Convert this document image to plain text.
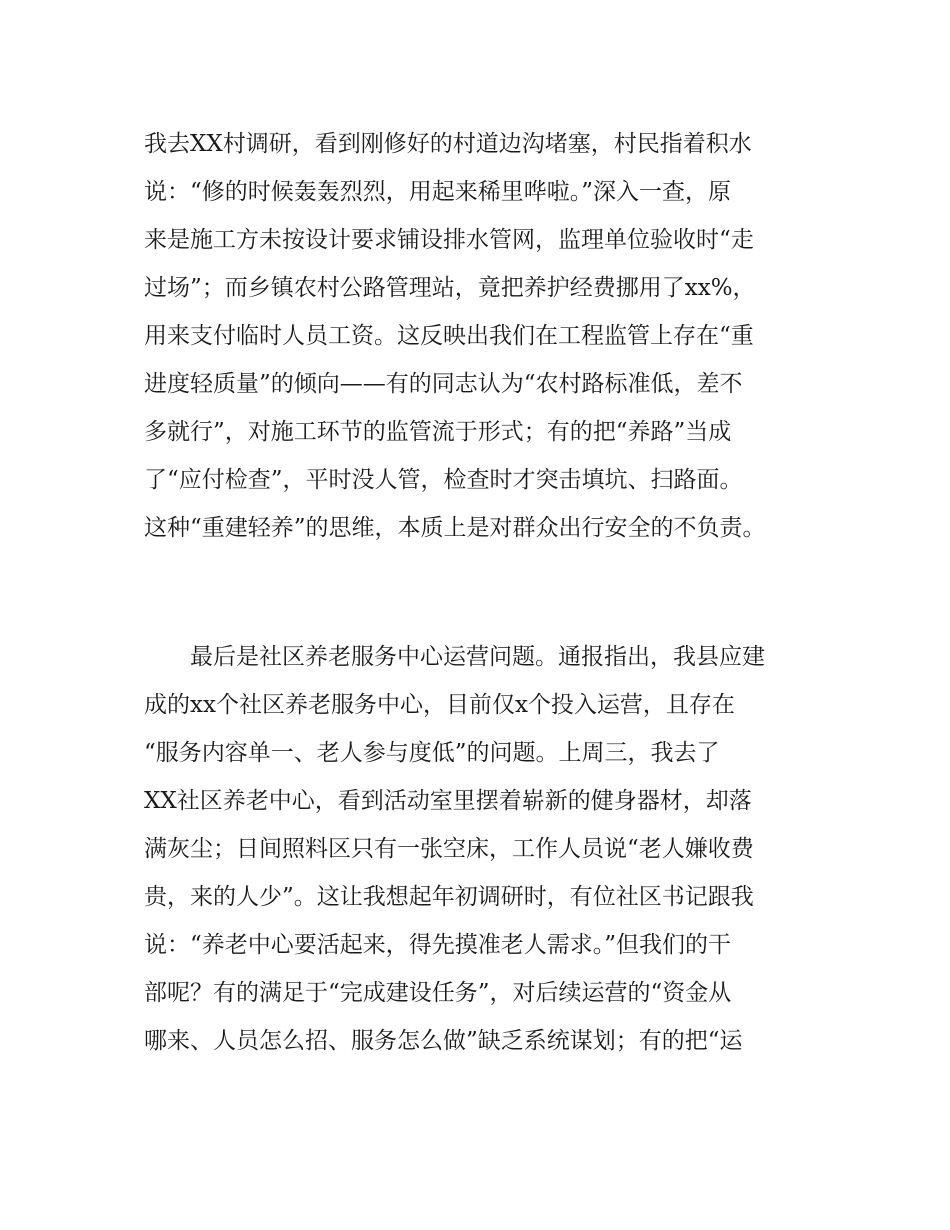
我去XX村调研，看到刚修好的村道边沟堵塞，村民指着积水
说：“修的时候轰轰烈烈，用起来稀里哗啦。”深入一查，原
来是施工方未按设计要求铺设排水管网，监理单位验收时“走
过场”；而乡镇农村公路管理站，竟把养护经费挪用了xx%，
用来支付临时人员工资。这反映出我们在工程监管上存在“重
进度轻质量”的倾向——有的同志认为“农村路标准低，差不
多就行”，对施工环节的监管流于形式；有的把“养路”当成
了“应付检查”，平时没人管，检查时才突击填坑、扫路面。
这种“重建轻养”的思维，本质上是对群众出行安全的不负责。
最后是社区养老服务中心运营问题。通报指出，我县应建
成的xx个社区养老服务中心，目前仅x个投入运营，且存在
“服务内容单一、老人参与度低”的问题。上周三，我去了
XX社区养老中心，看到活动室里摆着崭新的健身器材，却落
满灰尘；日间照料区只有一张空床，工作人员说“老人嫌收费
贵，来的人少”。这让我想起年初调研时，有位社区书记跟我
说：“养老中心要活起来，得先摸准老人需求。”但我们的干
部呢？有的满足于“完成建设任务”，对后续运营的“资金从
哪来、人员怎么招、服务怎么做”缺乏系统谋划；有的把“运
